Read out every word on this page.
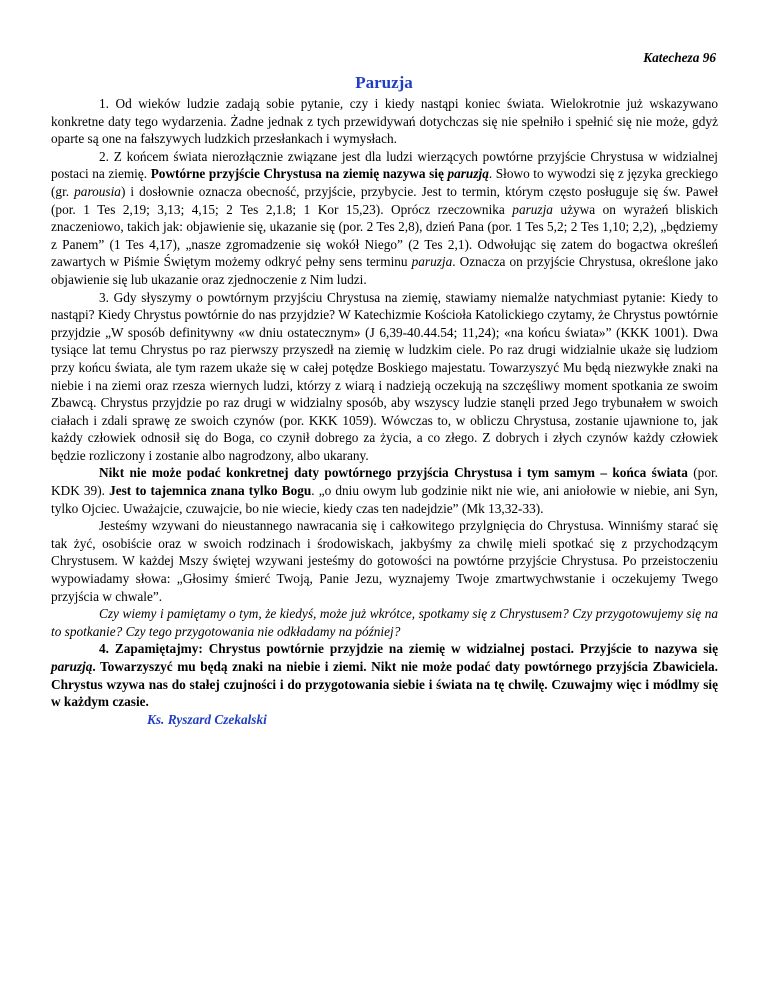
Katecheza 96
Paruzja

1. Od wieków ludzie zadają sobie pytanie, czy i kiedy nastąpi koniec świata. Wielokrotnie już wskazywano konkretne daty tego wydarzenia. Żadne jednak z tych przewidywań dotychczas się nie spełniło i spełnić się nie może, gdyż oparte są one na fałszywych ludzkich przesłankach i wymysłach.

2. Z końcem świata nierozłącznie związane jest dla ludzi wierzących powtórne przyjście Chrystusa w widzialnej postaci na ziemię. Powtórne przyjście Chrystusa na ziemię nazywa się paruzją. Słowo to wywodzi się z języka greckiego (gr. parousia) i dosłownie oznacza obecność, przyjście, przybycie. Jest to termin, którym często posługuje się św. Paweł (por. 1 Tes 2,19; 3,13; 4,15; 2 Tes 2,1.8; 1 Kor 15,23). Oprócz rzeczownika paruzja używa on wyrażeń bliskich znaczeniowo, takich jak: objawienie się, ukazanie się (por. 2 Tes 2,8), dzień Pana (por. 1 Tes 5,2; 2 Tes 1,10; 2,2), „będziemy z Panem” (1 Tes 4,17), „nasze zgromadzenie się wokół Niego” (2 Tes 2,1). Odwołując się zatem do bogactwa określeń zawartych w Piśmie Świętym możemy odkryć pełny sens terminu paruzja. Oznacza on przyjście Chrystusa, określone jako objawienie się lub ukazanie oraz zjednoczenie z Nim ludzi.

3. Gdy słyszymy o powtórnym przyjściu Chrystusa na ziemię, stawiamy niemalże natychmiast pytanie: Kiedy to nastąpi? Kiedy Chrystus powtórnie do nas przyjdzie? W Katechizmie Kościoła Katolickiego czytamy, że Chrystus powtórnie przyjdzie „W sposób definitywny «w dniu ostatecznym» (J 6,39-40.44.54; 11,24); «na końcu świata»” (KKK 1001). Dwa tysiące lat temu Chrystus po raz pierwszy przyszedł na ziemię w ludzkim ciele. Po raz drugi widzialnie ukaże się ludziom przy końcu świata, ale tym razem ukaże się w całej potędze Boskiego majestatu. Towarzyszyć Mu będą niezwykłe znaki na niebie i na ziemi oraz rzesza wiernych ludzi, którzy z wiarą i nadzieją oczekują na szczęśliwy moment spotkania ze swoim Zbawcą. Chrystus przyjdzie po raz drugi w widzialny sposób, aby wszyscy ludzie stanęli przed Jego trybunałem w swoich ciałach i zdali sprawę ze swoich czynów (por. KKK 1059). Wówczas to, w obliczu Chrystusa, zostanie ujawnione to, jak każdy człowiek odnosił się do Boga, co czynił dobrego za życia, a co złego. Z dobrych i złych czynów każdy człowiek będzie rozliczony i zostanie albo nagrodzony, albo ukarany.

Nikt nie może podać konkretnej daty powtórnego przyjścia Chrystusa i tym samym – końca świata (por. KDK 39). Jest to tajemnica znana tylko Bogu. „o dniu owym lub godzinie nikt nie wie, ani aniołowie w niebie, ani Syn, tylko Ojciec. Uważajcie, czuwajcie, bo nie wiecie, kiedy czas ten nadejdzie” (Mk 13,32-33).

Jesteśmy wzywani do nieustannego nawracania się i całkowitego przylgnięcia do Chrystusa. Winniśmy starać się tak żyć, osobiście oraz w swoich rodzinach i środowiskach, jakbyśmy za chwilę mieli spotkać się z przychodzącym Chrystusem. W każdej Mszy świętej wzywani jesteśmy do gotowości na powtórne przyjście Chrystusa. Po przeistoczeniu wypowiadamy słowa: „Głosimy śmierć Twoją, Panie Jezu, wyznajemy Twoje zmartwychwstanie i oczekujemy Twego przyjścia w chwale”.

Czy wiemy i pamiętamy o tym, że kiedyś, może już wkrótce, spotkamy się z Chrystusem? Czy przygotowujemy się na to spotkanie? Czy tego przygotowania nie odkładamy na później?

4. Zapamiętajmy: Chrystus powtórnie przyjdzie na ziemię w widzialnej postaci. Przyjście to nazywa się paruzją. Towarzyszyć mu będą znaki na niebie i ziemi. Nikt nie może podać daty powtórnego przyjścia Zbawiciela. Chrystus wzywa nas do stałej czujności i do przygotowania siebie i świata na tę chwilę. Czuwajmy więc i módlmy się w każdym czasie.

Ks. Ryszard Czekalski
